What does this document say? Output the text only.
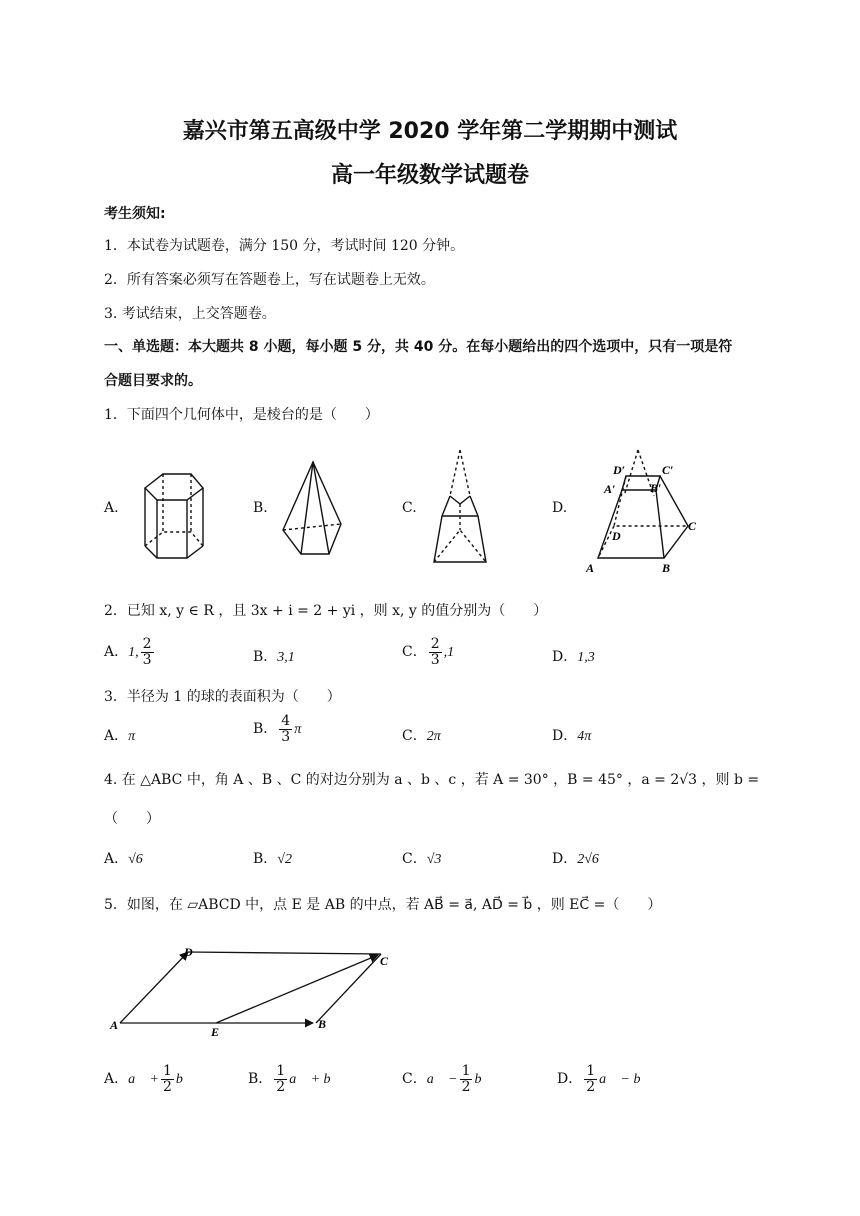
嘉兴市第五高级中学 2020 学年第二学期期中测试
高一年级数学试题卷
考生须知:
1．本试卷为试题卷，满分 150 分，考试时间 120 分钟。
2．所有答案必须写在答题卷上，写在试题卷上无效。
3. 考试结束，上交答题卷。
一、单选题：本大题共 8 小题，每小题 5 分，共 40 分。在每小题给出的四个选项中，只有一项是符
合题目要求的。
1．下面四个几何体中，是棱台的是（　　）
A.	B.	C.	D.
D′	C′
A′	B′
D
C
A	B
2．已知 x, y ∈ R ，且 3x + i = 2 + yi ，则 x, y 的值分别为（　　）
A．1, $\frac{2}{3}$	B．3,1	C． $\frac{2}{3} ,1$	D．1,3
3．半径为 1 的球的表面积为（　　）
A．π	B． $\frac{4}{3}$ π	C．2π	D．4π
4. 在 △ABC 中，角 A 、B 、C 的对边分别为 a 、b 、c ，若 A = 30° ，B = 45° ，a = 2√3 ，则 b =
（　　）
A．√6	B．√2	C．√3	D．2√6
5．如图，在 ▱ABCD 中，点 E 是 AB 的中点，若 AB⃗ = a⃗, AD⃗ = b⃗ ，则 EC⃗ =（　　）
A	B
C
D
E
A．a⃗ + $\frac{1}{2}$ b⃗	B． $\frac{1}{2}$ a⃗ + b⃗	C．a⃗ − $\frac{1}{2}$ b⃗	D． $\frac{1}{2}$ a⃗ − b⃗
